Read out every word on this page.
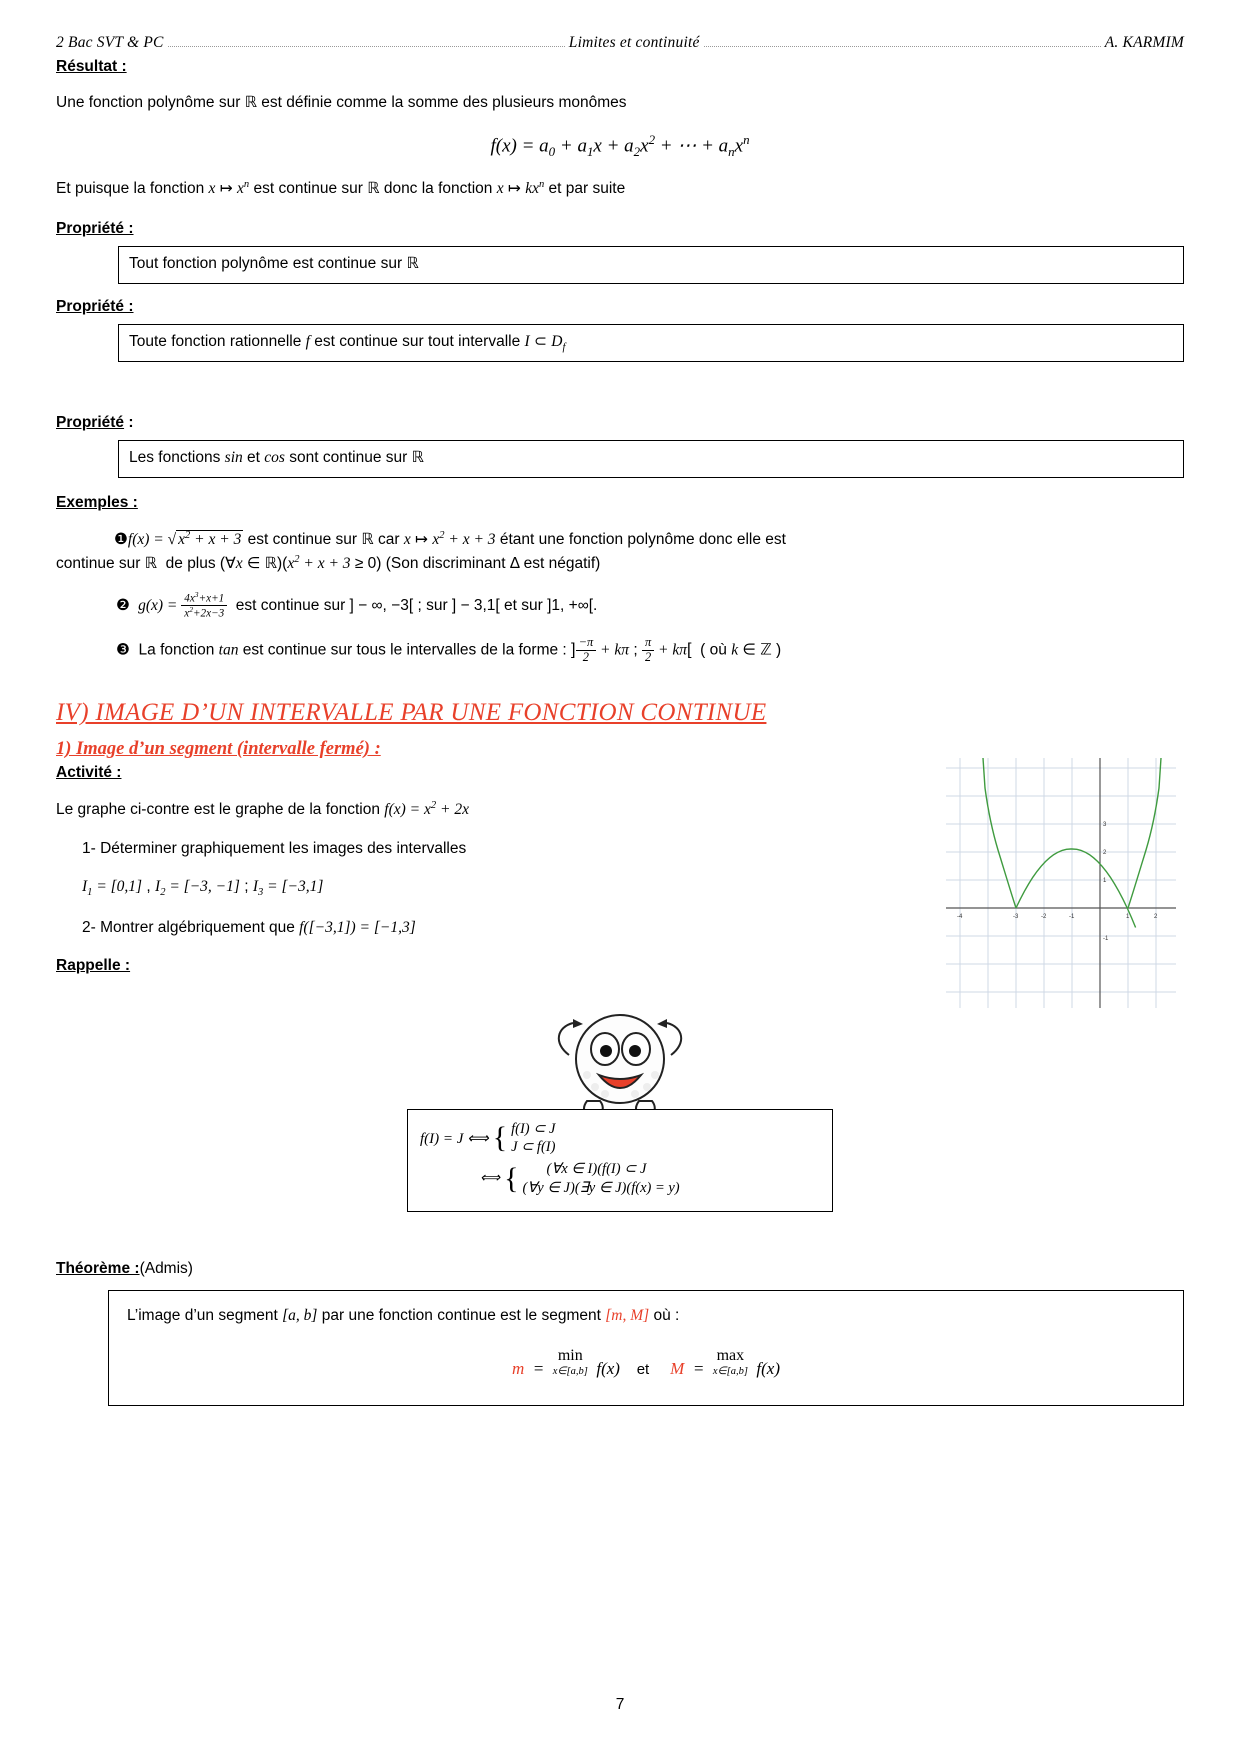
2 Bac SVT & PC	Limites et continuité	A. KARMIM
Résultat :

Une fonction polynôme sur ℝ est définie comme la somme des plusieurs monômes

$f(x) = a_0 + a_1x + a_2x^2$ + ⋯ + $a_nx^n$

Et puisque la fonction x ↦ $x^n$ est continue sur ℝ donc la fonction x ↦ $kx^n$ et par suite

Propriété :
Tout fonction polynôme est continue sur ℝ
Propriété :
Toute fonction rationnelle f est continue sur tout intervalle I ⊂ $D_f$
Propriété :
Les fonctions sin et cos sont continue sur ℝ
Exemples :
❶f(x) = √ $x^2 + x + 3$ est continue sur ℝ car x ↦ $x^2 + x + 3$ étant une fonction polynôme donc elle est
continue sur ℝ  de plus (∀x ∈ $ℝ)(x^2 + x + 3 \ge 0)$ (Son discriminant Δ est négatif)
❷  $g(x) = \frac{4x^3+x+1}{x^2+2x-3}$ est continue sur ] − ∞, −3[ ; sur ] − 3,1[ et sur ]1, +∞[.
❸  La fonction tan est continue sur tous le intervalles de la forme : ] $\frac{-\pi}{2} + k\pi$ ; $\frac{\pi}{2} + k\pi$[  ( où k ∈ ℤ )
IV) IMAGE D’UN INTERVALLE PAR UNE FONCTION CONTINUE
1) Image d’un segment (intervalle fermé) :
Activité :
-4	-3	-2	-1	1	2
3
2
1
-1

Le graphe ci-contre est le graphe de la fonction $f(x) = x^2 + 2x$

1- Déterminer graphiquement les images des intervalles

$I_1 = [0,1]$ , $I_2 = [-3$, −1] ; $I_3 = [-3,1]$

2- Montrer algébriquement que f([−3,1]) = [−1,3]

Rappelle :
f(I) = J ⟺ { f(I) ⊂ J
J ⊂ f(I)
⟺ {	(∀x ∈ I)(f(I) ⊂ J
(∀y ∈ J)(∃y ∈ J)(f(x) = y)
Théorème :(Admis)
L’image d’un segment [a, b] par une fonction continue est le segment [m, M] où :
m  =
min
x∈[a,b] f(x) et M  =
max
x∈[a,b] f(x)
7
